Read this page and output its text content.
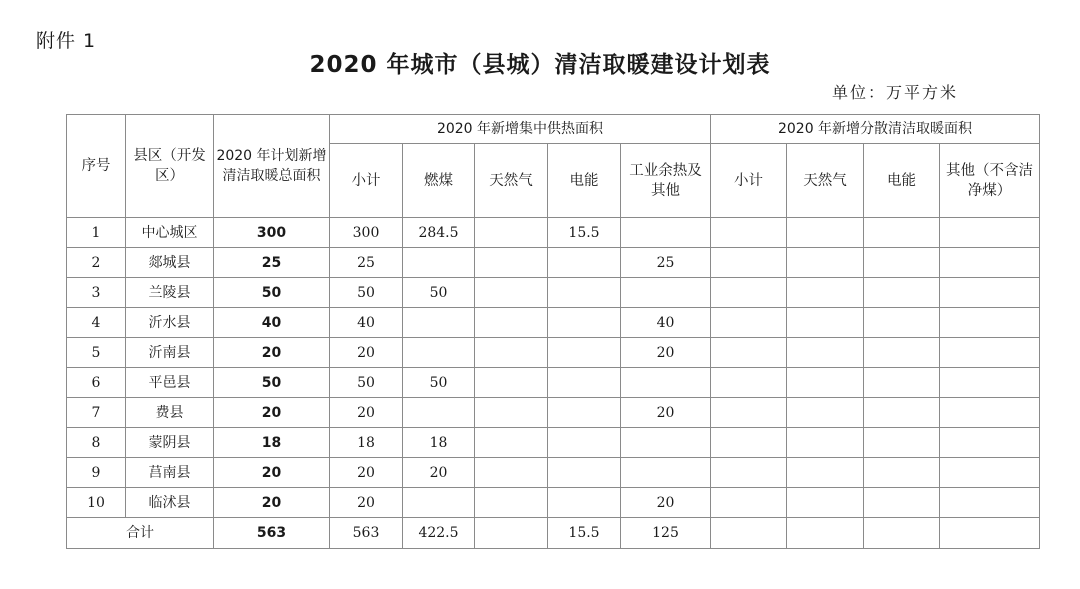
附件 1
2020 年城市（县城）清洁取暖建设计划表
单位：万平方米
序号	县区（开发区）	2020 年计划新增清洁取暖总面积	2020 年新增集中供热面积					2020 年新增分散清洁取暖面积			
			小计	燃煤	天然气	电能	工业余热及其他	小计	天然气	电能	其他（不含洁净煤）
1	中心城区	300	300	284.5		15.5					
2	郯城县	25	25				25				
3	兰陵县	50	50	50							
4	沂水县	40	40				40				
5	沂南县	20	20				20				
6	平邑县	50	50	50							
7	费县	20	20				20				
8	蒙阴县	18	18	18							
9	莒南县	20	20	20							
10	临沭县	20	20				20				
合计		563	563	422.5		15.5	125				
